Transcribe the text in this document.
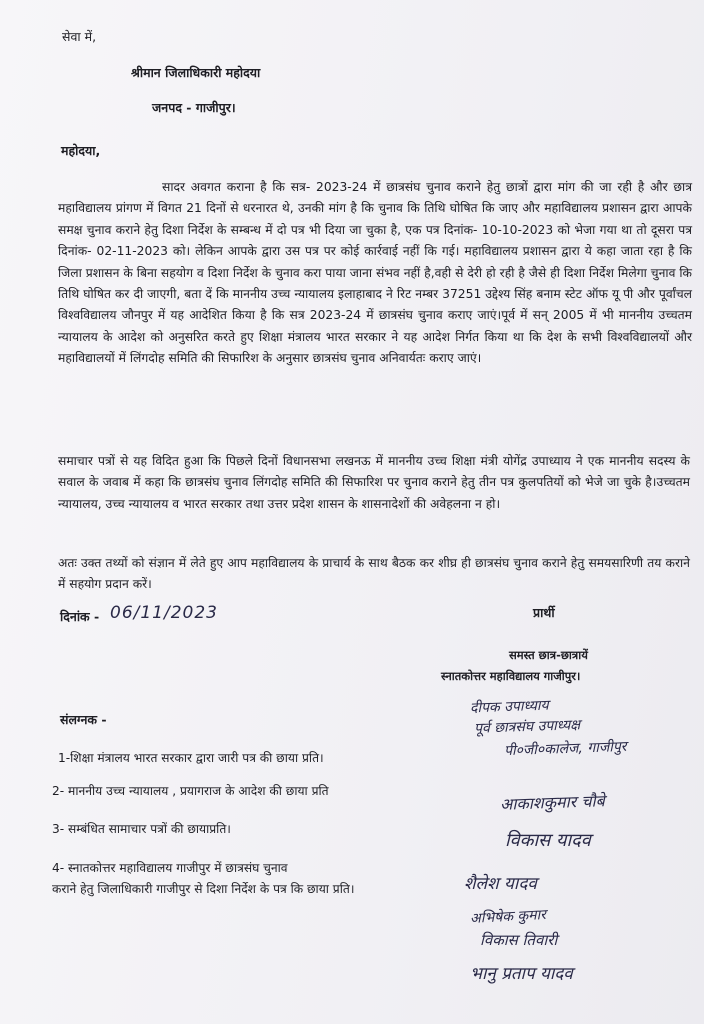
सेवा में,
श्रीमान जिलाधिकारी महोदया
जनपद - गाजीपुर।
महोदया,

सादर अवगत कराना है कि सत्र- 2023-24 में छात्रसंघ चुनाव कराने हेतु छात्रों द्वारा मांग की जा रही है और छात्र महाविद्यालय प्रांगण में विगत 21 दिनों से धरनारत थे, उनकी मांग है कि चुनाव कि तिथि घोषित कि जाए और महाविद्यालय प्रशासन द्वारा आपके समक्ष चुनाव कराने हेतु दिशा निर्देश के सम्बन्ध में दो पत्र भी दिया जा चुका है, एक पत्र दिनांक- 10-10-2023 को भेजा गया था तो दूसरा पत्र दिनांक- 02-11-2023 को। लेकिन आपके द्वारा उस पत्र पर कोई कार्रवाई नहीं कि गई। महाविद्यालय प्रशासन द्वारा ये कहा जाता रहा है कि जिला प्रशासन के बिना सहयोग व दिशा निर्देश के चुनाव करा पाया जाना संभव नहीं है,वही से देरी हो रही है जैसे ही दिशा निर्देश मिलेगा चुनाव कि तिथि घोषित कर दी जाएगी, बता दें कि माननीय उच्च न्यायालय इलाहाबाद ने रिट नम्बर 37251 उद्देश्य सिंह बनाम स्टेट ऑफ यू पी और पूर्वांचल विश्वविद्यालय जौनपुर में यह आदेशित किया है कि सत्र 2023-24 में छात्रसंघ चुनाव कराए जाएं।पूर्व में सन् 2005 में भी माननीय उच्चतम न्यायालय के आदेश को अनुसरित करते हुए शिक्षा मंत्रालय भारत सरकार ने यह आदेश निर्गत किया था कि देश के सभी विश्वविद्यालयों और महाविद्यालयों में लिंगदोह समिति की सिफारिश के अनुसार छात्रसंघ चुनाव अनिवार्यतः कराए जाएं।

समाचार पत्रों से यह विदित हुआ कि पिछले दिनों विधानसभा लखनऊ में माननीय उच्च शिक्षा मंत्री योगेंद्र उपाध्याय ने एक माननीय सदस्य के सवाल के जवाब में कहा कि छात्रसंघ चुनाव लिंगदोह समिति की सिफारिश पर चुनाव कराने हेतु तीन पत्र कुलपतियों को भेजे जा चुके है।उच्चतम न्यायालय, उच्च न्यायालय व भारत सरकार तथा उत्तर प्रदेश शासन के शासनादेशों की अवेहलना न हो।

अतः उक्त तथ्यों को संज्ञान में लेते हुए आप महाविद्यालय के प्राचार्य के साथ बैठक कर शीघ्र ही छात्रसंघ चुनाव कराने हेतु समयसारिणी तय कराने में सहयोग प्रदान करें।

दिनांक - 06/11/2023	प्रार्थी
समस्त छात्र-छात्रायें
स्नातकोत्तर महाविद्यालय गाजीपुर।
संलग्नक -
1-शिक्षा मंत्रालय भारत सरकार द्वारा जारी पत्र की छाया प्रति।
2- माननीय उच्च न्यायालय , प्रयागराज के आदेश की छाया प्रति
3- सम्बंधित सामाचार पत्रों की छायाप्रति।
4- स्नातकोत्तर महाविद्यालय गाजीपुर में छात्रसंघ चुनाव
कराने हेतु जिलाधिकारी गाजीपुर से दिशा निर्देश के पत्र कि छाया प्रति।
दीपक उपाध्याय
पूर्व छात्रसंघ उपाध्यक्ष
पी०जी०कालेज, गाजीपुर
आकाशकुमार चौबे
विकास यादव
शैलेश यादव
अभिषेक कुमार
विकास तिवारी
भानु प्रताप यादव
